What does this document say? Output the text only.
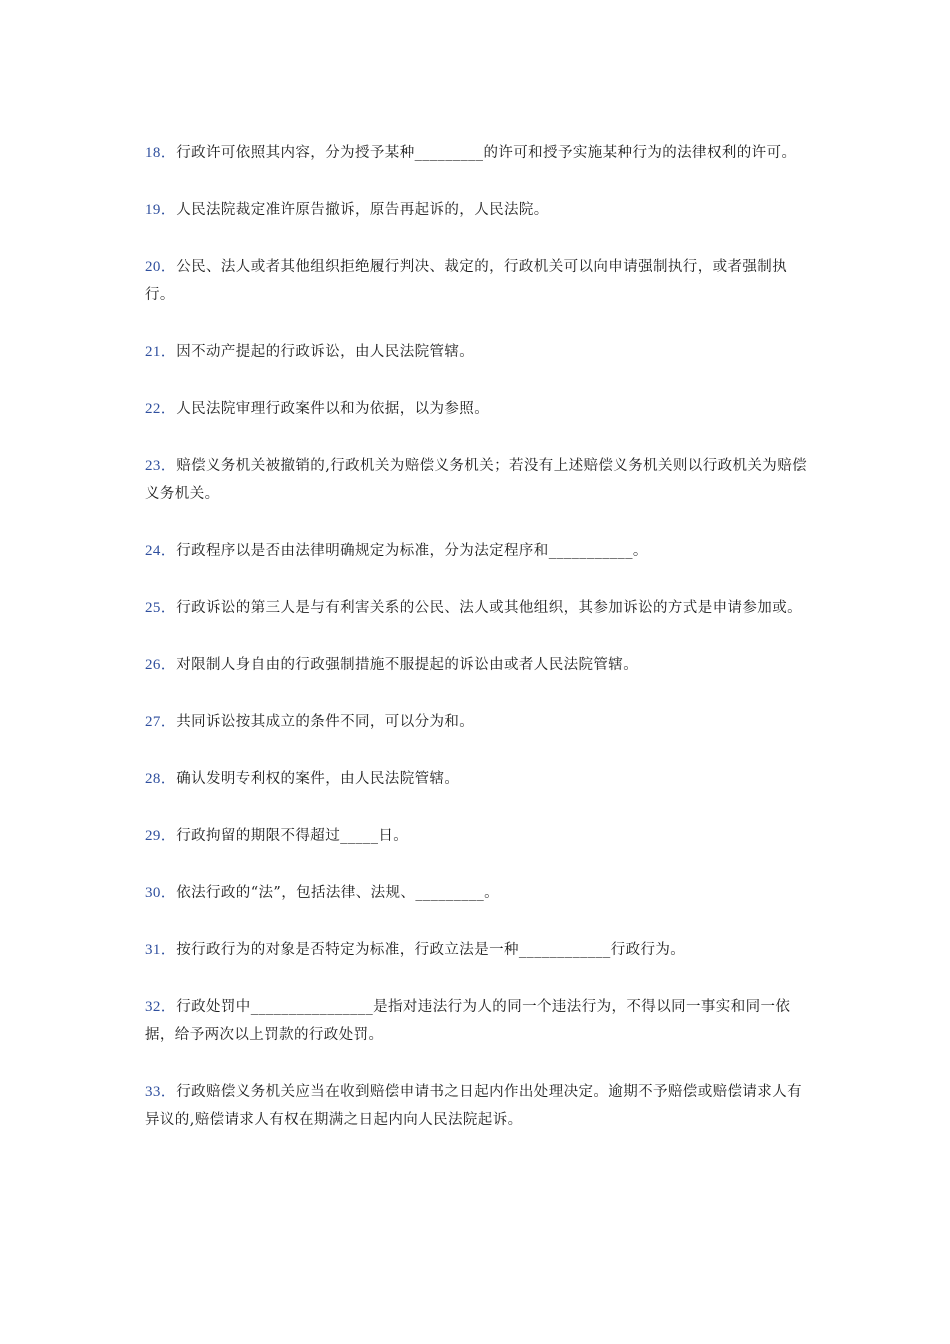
18．行政许可依照其内容，分为授予某种_________的许可和授予实施某种行为的法律权利的许可。
19．人民法院裁定准许原告撤诉，原告再起诉的，人民法院。
20．公民、法人或者其他组织拒绝履行判决、裁定的，行政机关可以向申请强制执行，或者强制执行。
21．因不动产提起的行政诉讼，由人民法院管辖。
22．人民法院审理行政案件以和为依据，以为参照。
23．赔偿义务机关被撤销的,行政机关为赔偿义务机关；若没有上述赔偿义务机关则以行政机关为赔偿义务机关。
24．行政程序以是否由法律明确规定为标准，分为法定程序和___________。
25．行政诉讼的第三人是与有利害关系的公民、法人或其他组织，其参加诉讼的方式是申请参加或。
26．对限制人身自由的行政强制措施不服提起的诉讼由或者人民法院管辖。
27．共同诉讼按其成立的条件不同，可以分为和。
28．确认发明专利权的案件，由人民法院管辖。
29．行政拘留的期限不得超过_____日。
30．依法行政的“法”，包括法律、法规、_________。
31．按行政行为的对象是否特定为标准，行政立法是一种____________行政行为。
32．行政处罚中________________是指对违法行为人的同一个违法行为，不得以同一事实和同一依据，给予两次以上罚款的行政处罚。
33．行政赔偿义务机关应当在收到赔偿申请书之日起内作出处理决定。逾期不予赔偿或赔偿请求人有异议的,赔偿请求人有权在期满之日起内向人民法院起诉。
